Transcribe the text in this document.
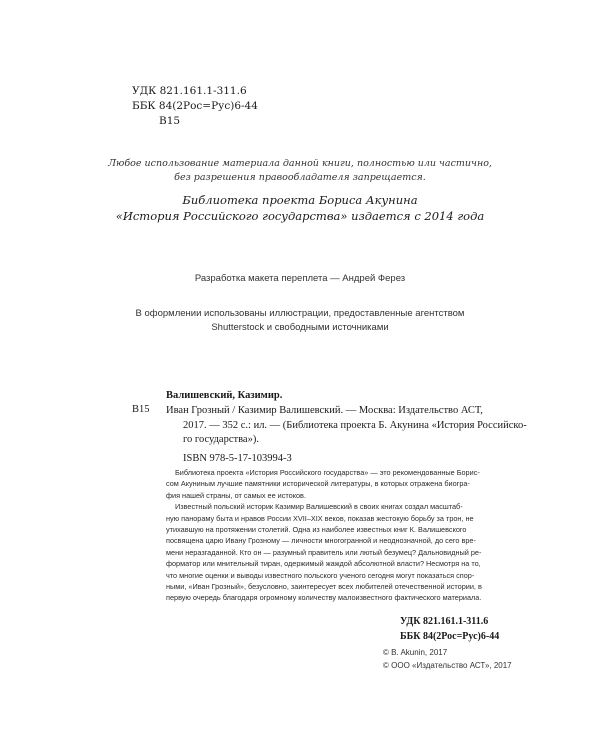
УДК 821.161.1-311.6
ББК 84(2Рос=Рус)6-44
В15
Любое использование материала данной книги, полностью или частично,
без разрешения правообладателя запрещается.
Библиотека проекта Бориса Акунина
«История Российского государства» издается с 2014 года
Разработка макета переплета — Андрей Ферез
В оформлении использованы иллюстрации, предоставленные агентством
Shutterstock и свободными источниками
Валишевский, Казимир.
В15 Иван Грозный / Казимир Валишевский. — Москва: Издательство АСТ,
2017. — 352 с.: ил. — (Библиотека проекта Б. Акунина «История Российско-
го государства»).
ISBN 978-5-17-103994-3
Библиотека проекта «История Российского государства» — это рекомендованные Борис-
сом Акуниным лучшие памятники исторической литературы, в которых отражена биогра-
фия нашей страны, от самых ее истоков.
Известный польский историк Казимир Валишевский в своих книгах создал масштаб-
ную панораму быта и нравов России XVII–XIX веков, показав жестокую борьбу за трон, не
утихавшую на протяжении столетий. Одна из наиболее известных книг К. Валишевского
посвящена царю Ивану Грозному — личности многогранной и неоднозначной, до сего вре-
мени неразгаданной. Кто он — разумный правитель или лютый безумец? Дальновидный ре-
форматор или мнительный тиран, одержимый жаждой абсолютной власти? Несмотря на то,
что многие оценки и выводы известного польского ученого сегодня могут показаться спор-
ными, «Иван Грозный», безусловно, заинтересует всех любителей отечественной истории, в
первую очередь благодаря огромному количеству малоизвестного фактического материала.
УДК 821.161.1-311.6
ББК 84(2Рос=Рус)6-44
© B. Akunin, 2017
© ООО «Издательство АСТ», 2017
